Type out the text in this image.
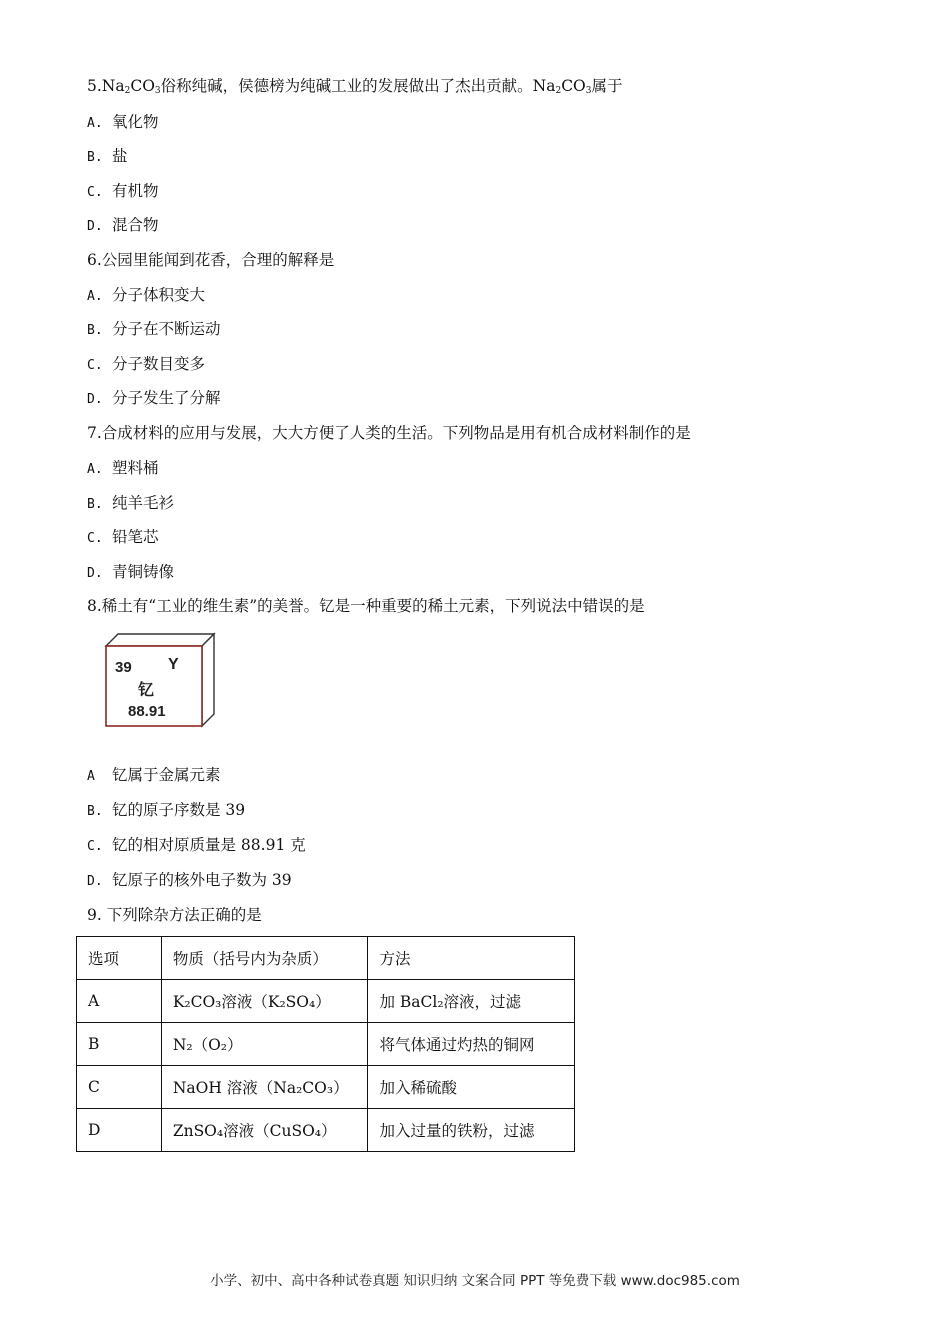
$5.Na_2CO_3$俗称纯碱，侯德榜为纯碱工业的发展做出了杰出贡献。$Na_2CO_3$属于
A. 氧化物
B. 盐
C. 有机物
D. 混合物
6.公园里能闻到花香，合理的解释是
A. 分子体积变大
B. 分子在不断运动
C. 分子数目变多
D. 分子发生了分解
7.合成材料的应用与发展，大大方便了人类的生活。下列物品是用有机合成材料制作的是
A. 塑料桶
B. 纯羊毛衫
C. 铅笔芯
D. 青铜铸像
8.稀土有“工业的维生素”的美誉。钇是一种重要的稀土元素，下列说法中错误的是
39 Y
钇
88.91
A 钇属于金属元素
B. 钇的原子序数是 39
C. 钇的相对原质量是 88.91 克
D. 钇原子的核外电子数为 39
9. 下列除杂方法正确的是
选项	物质（括号内为杂质）	方法
A	K₂CO₃溶液（K₂SO₄）	加 BaCl₂溶液，过滤
B	N₂（O₂）	将气体通过灼热的铜网
C	NaOH 溶液（Na₂CO₃）	加入稀硫酸
D	ZnSO₄溶液（CuSO₄）	加入过量的铁粉，过滤
小学、初中、高中各种试卷真题 知识归纳 文案合同 PPT 等免费下载 www.doc985.com
